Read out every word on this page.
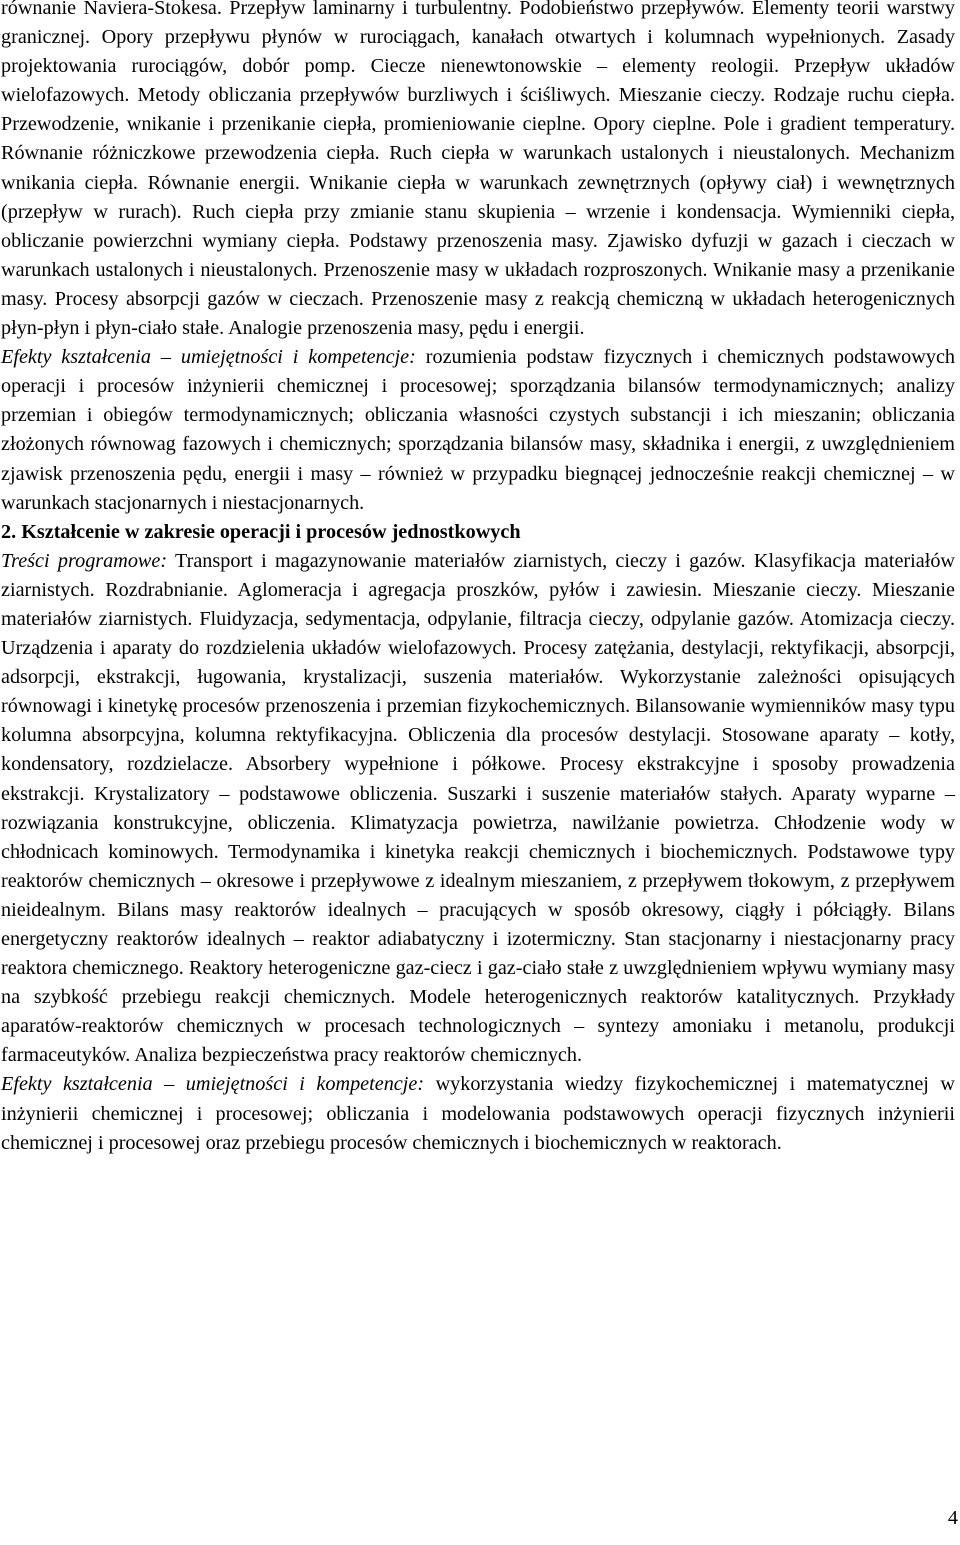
równanie Naviera-Stokesa. Przepływ laminarny i turbulentny. Podobieństwo przepływów. Elementy teorii warstwy granicznej. Opory przepływu płynów w rurociągach, kanałach otwartych i kolumnach wypełnionych. Zasady projektowania rurociągów, dobór pomp. Ciecze nienewtonowskie – elementy reologii. Przepływ układów wielofazowych. Metody obliczania przepływów burzliwych i ściśliwych. Mieszanie cieczy. Rodzaje ruchu ciepła. Przewodzenie, wnikanie i przenikanie ciepła, promieniowanie cieplne. Opory cieplne. Pole i gradient temperatury. Równanie różniczkowe przewodzenia ciepła. Ruch ciepła w warunkach ustalonych i nieustalonych. Mechanizm wnikania ciepła. Równanie energii. Wnikanie ciepła w warunkach zewnętrznych (opływy ciał) i wewnętrznych (przepływ w rurach). Ruch ciepła przy zmianie stanu skupienia – wrzenie i kondensacja. Wymienniki ciepła, obliczanie powierzchni wymiany ciepła. Podstawy przenoszenia masy. Zjawisko dyfuzji w gazach i cieczach w warunkach ustalonych i nieustalonych. Przenoszenie masy w układach rozproszonych. Wnikanie masy a przenikanie masy. Procesy absorpcji gazów w cieczach. Przenoszenie masy z reakcją chemiczną w układach heterogenicznych płyn-płyn i płyn-ciało stałe. Analogie przenoszenia masy, pędu i energii.

Efekty kształcenia – umiejętności i kompetencje: rozumienia podstaw fizycznych i chemicznych podstawowych operacji i procesów inżynierii chemicznej i procesowej; sporządzania bilansów termodynamicznych; analizy przemian i obiegów termodynamicznych; obliczania własności czystych substancji i ich mieszanin; obliczania złożonych równowag fazowych i chemicznych; sporządzania bilansów masy, składnika i energii, z uwzględnieniem zjawisk przenoszenia pędu, energii i masy – również w przypadku biegnącej jednocześnie reakcji chemicznej – w warunkach stacjonarnych i niestacjonarnych.

2. Kształcenie w zakresie operacji i procesów jednostkowych

Treści programowe: Transport i magazynowanie materiałów ziarnistych, cieczy i gazów. Klasyfikacja materiałów ziarnistych. Rozdrabnianie. Aglomeracja i agregacja proszków, pyłów i zawiesin. Mieszanie cieczy. Mieszanie materiałów ziarnistych. Fluidyzacja, sedymentacja, odpylanie, filtracja cieczy, odpylanie gazów. Atomizacja cieczy. Urządzenia i aparaty do rozdzielenia układów wielofazowych. Procesy zatężania, destylacji, rektyfikacji, absorpcji, adsorpcji, ekstrakcji, ługowania, krystalizacji, suszenia materiałów. Wykorzystanie zależności opisujących równowagi i kinetykę procesów przenoszenia i przemian fizykochemicznych. Bilansowanie wymienników masy typu kolumna absorpcyjna, kolumna rektyfikacyjna. Obliczenia dla procesów destylacji. Stosowane aparaty – kotły, kondensatory, rozdzielacze. Absorbery wypełnione i półkowe. Procesy ekstrakcyjne i sposoby prowadzenia ekstrakcji. Krystalizatory – podstawowe obliczenia. Suszarki i suszenie materiałów stałych. Aparaty wyparne – rozwiązania konstrukcyjne, obliczenia. Klimatyzacja powietrza, nawilżanie powietrza. Chłodzenie wody w chłodnicach kominowych. Termodynamika i kinetyka reakcji chemicznych i biochemicznych. Podstawowe typy reaktorów chemicznych – okresowe i przepływowe z idealnym mieszaniem, z przepływem tłokowym, z przepływem nieidealnym. Bilans masy reaktorów idealnych – pracujących w sposób okresowy, ciągły i półciągły. Bilans energetyczny reaktorów idealnych – reaktor adiabatyczny i izotermiczny. Stan stacjonarny i niestacjonarny pracy reaktora chemicznego. Reaktory heterogeniczne gaz-ciecz i gaz-ciało stałe z uwzględnieniem wpływu wymiany masy na szybkość przebiegu reakcji chemicznych. Modele heterogenicznych reaktorów katalitycznych. Przykłady aparatów-reaktorów chemicznych w procesach technologicznych – syntezy amoniaku i metanolu, produkcji farmaceutyków. Analiza bezpieczeństwa pracy reaktorów chemicznych.

Efekty kształcenia – umiejętności i kompetencje: wykorzystania wiedzy fizykochemicznej i matematycznej w inżynierii chemicznej i procesowej; obliczania i modelowania podstawowych operacji fizycznych inżynierii chemicznej i procesowej oraz przebiegu procesów chemicznych i biochemicznych w reaktorach.

4
